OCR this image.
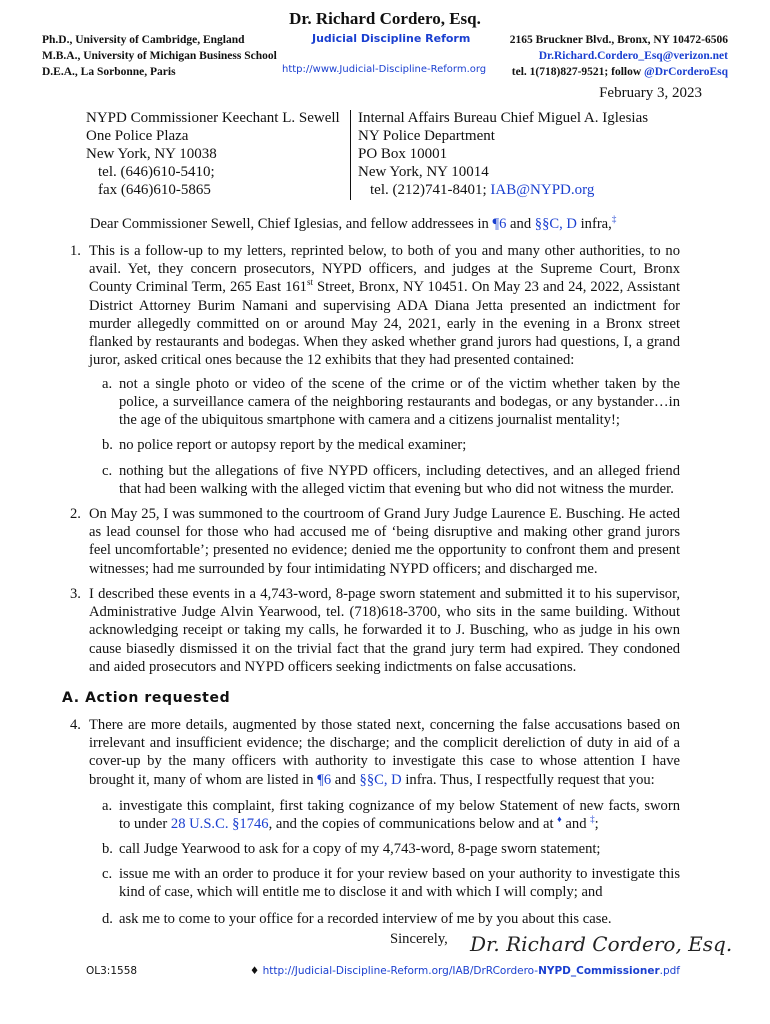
Dr. Richard Cordero, Esq.
Ph.D., University of Cambridge, England
M.B.A., University of Michigan Business School
D.E.A., La Sorbonne, Paris
Judicial Discipline Reform
http://www.Judicial-Discipline-Reform.org
2165 Bruckner Blvd., Bronx, NY 10472-6506
Dr.Richard.Cordero_Esq@verizon.net
tel. 1(718)827-9521; follow @DrCorderoEsq
February 3, 2023
NYPD Commissioner Keechant L. Sewell
One Police Plaza
New York, NY 10038
tel. (646)610-5410;
fax (646)610-5865
Internal Affairs Bureau Chief Miguel A. Iglesias
NY Police Department
PO Box 10001
New York, NY 10014
tel. (212)741-8401; IAB@NYPD.org
Dear Commissioner Sewell, Chief Iglesias, and fellow addressees in ¶6 and §§C, D infra,‡
1. This is a follow-up to my letters, reprinted below, to both of you and many other authorities, to no avail. Yet, they concern prosecutors, NYPD officers, and judges at the Supreme Court, Bronx County Criminal Term, 265 East 161st Street, Bronx, NY 10451. On May 23 and 24, 2022, Assistant District Attorney Burim Namani and supervising ADA Diana Jetta presented an indictment for murder allegedly committed on or around May 24, 2021, early in the evening in a Bronx street flanked by restaurants and bodegas. When they asked whether grand jurors had questions, I, a grand juror, asked critical ones because the 12 exhibits that they had presented contained:
a. not a single photo or video of the scene of the crime or of the victim whether taken by the police, a surveillance camera of the neighboring restaurants and bodegas, or any bystander…in the age of the ubiquitous smartphone with camera and a citizens journalist mentality!;
b. no police report or autopsy report by the medical examiner;
c. nothing but the allegations of five NYPD officers, including detectives, and an alleged friend that had been walking with the alleged victim that evening but who did not witness the murder.
2. On May 25, I was summoned to the courtroom of Grand Jury Judge Laurence E. Busching. He acted as lead counsel for those who had accused me of ‘being disruptive and making other grand jurors feel uncomfortable’; presented no evidence; denied me the opportunity to confront them and present witnesses; had me surrounded by four intimidating NYPD officers; and discharged me.
3. I described these events in a 4,743-word, 8-page sworn statement and submitted it to his supervisor, Administrative Judge Alvin Yearwood, tel. (718)618-3700, who sits in the same building. Without acknowledging receipt or taking my calls, he forwarded it to J. Busching, who as judge in his own cause biasedly dismissed it on the trivial fact that the grand jury term had expired. They condoned and aided prosecutors and NYPD officers seeking indictments on false accusations.
A. Action requested
4. There are more details, augmented by those stated next, concerning the false accusations based on irrelevant and insufficient evidence; the discharge; and the complicit dereliction of duty in aid of a cover-up by the many officers with authority to investigate this case to whose attention I have brought it, many of whom are listed in ¶6 and §§C, D infra. Thus, I respectfully request that you:
a. investigate this complaint, first taking cognizance of my below Statement of new facts, sworn to under 28 U.S.C. §1746, and the copies of communications below and at ♦ and ‡;
b. call Judge Yearwood to ask for a copy of my 4,743-word, 8-page sworn statement;
c. issue me with an order to produce it for your review based on your authority to investigate this kind of case, which will entitle me to disclose it and with which I will comply; and
d. ask me to come to your office for a recorded interview of me by you about this case.
Sincerely, Dr. Richard Cordero, Esq.
OL3:1558	♦ http://Judicial-Discipline-Reform.org/IAB/DrRCordero-NYPD_Commissioner.pdf
